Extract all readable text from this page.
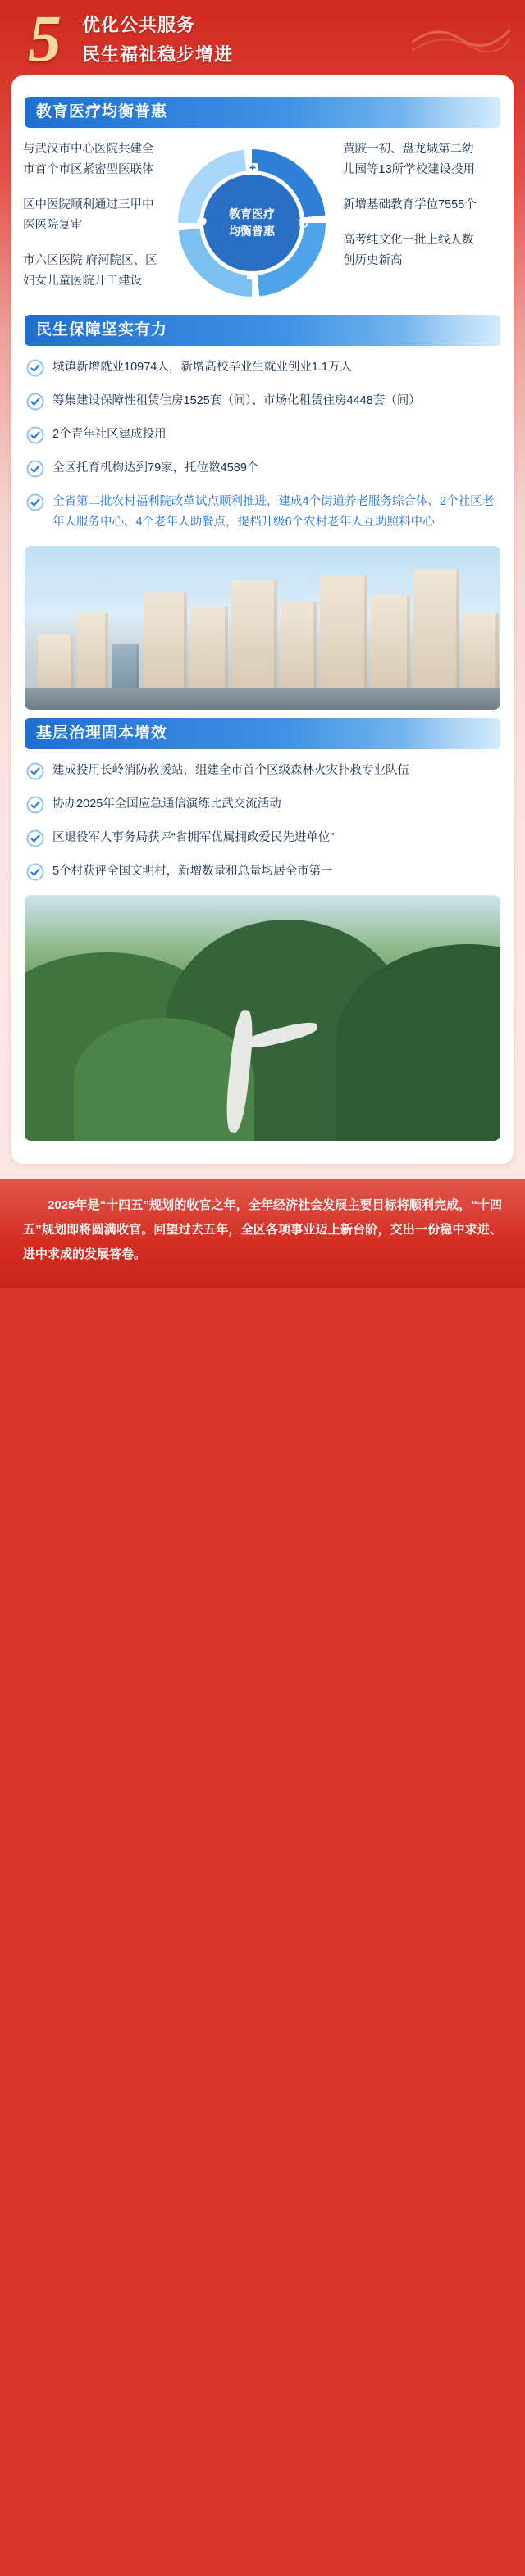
5 优化公共服务
民生福祉稳步增进
教育医疗均衡普惠
与武汉市中心医院共建全市首个市区紧密型医联体
区中医院顺利通过三甲中医医院复审
市六区医院 府河院区、区妇女儿童医院开工建设
教育医疗
均衡普惠
黄陂一初、盘龙城第二幼儿园等13所学校建设投用
新增基础教育学位7555个
高考纯文化一批上线人数创历史新高
民生保障坚实有力
城镇新增就业10974人，新增高校毕业生就业创业1.1万人
筹集建设保障性租赁住房1525套（间）、市场化租赁住房4448套（间）
2个青年社区建成投用
全区托育机构达到79家，托位数4589个
全省第二批农村福利院改革试点顺利推进，建成4个街道养老服务综合体、2个社区老年人服务中心、4个老年人助餐点，提档升级6个农村老年人互助照料中心
基层治理固本增效
建成投用长岭消防救援站，组建全市首个区级森林火灾扑救专业队伍
协办2025年全国应急通信演练比武交流活动
区退役军人事务局获评“省拥军优属拥政爱民先进单位”
5个村获评全国文明村，新增数量和总量均居全市第一
2025年是“十四五”规划的收官之年，全年经济社会发展主要目标将顺利完成，“十四五”规划即将圆满收官。回望过去五年，全区各项事业迈上新台阶，交出一份稳中求进、进中求成的发展答卷。
